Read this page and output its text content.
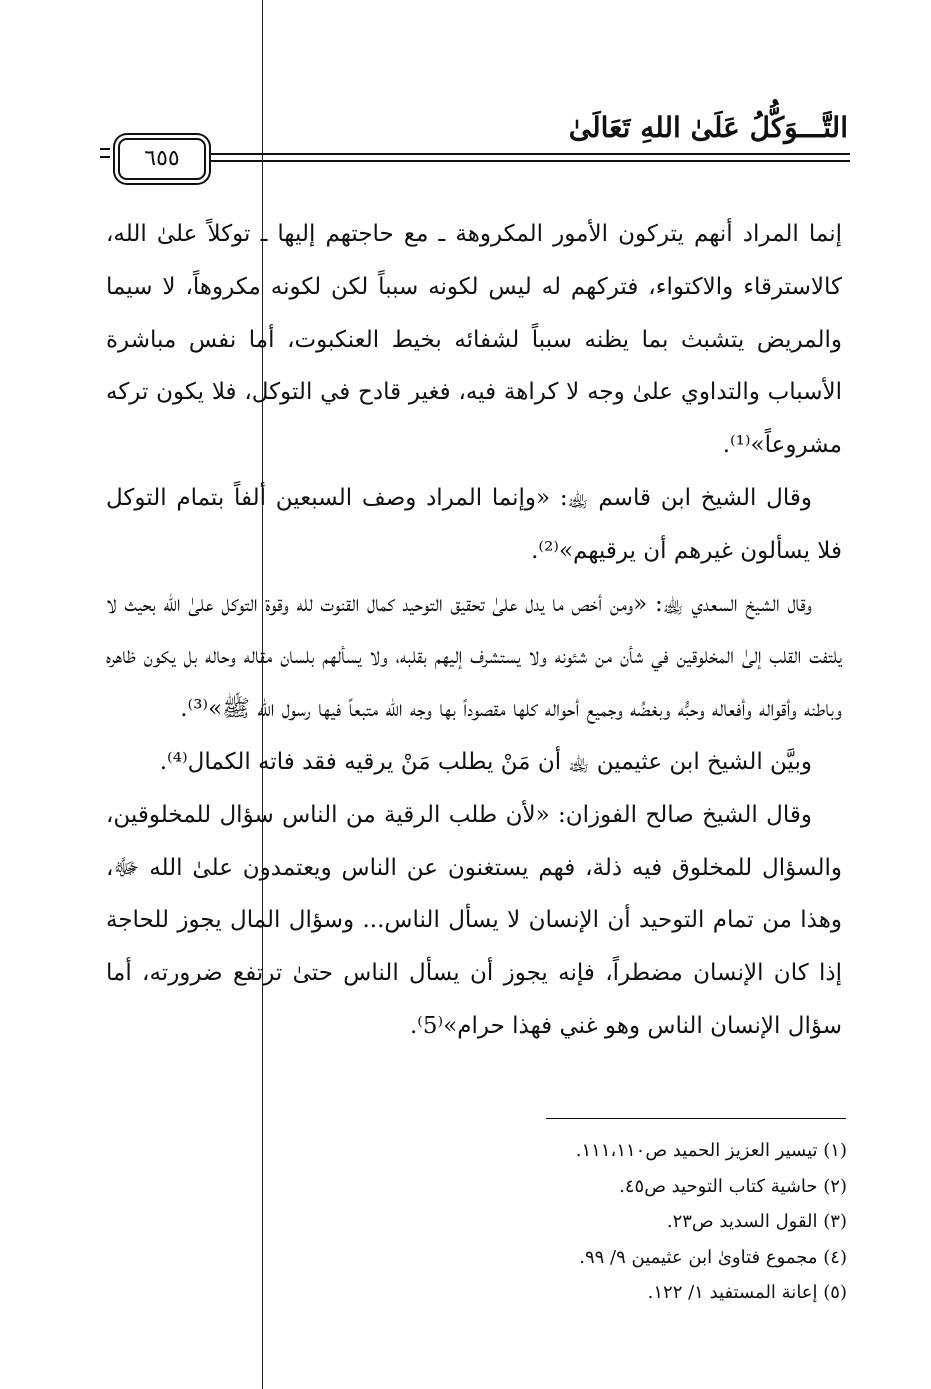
التَّـــوَكُّلُ عَلَىٰ اللهِ تَعَالَىٰ
٦٥٥

إنما المراد أنهم يتركون الأمور المكروهة ـ مع حاجتهم إليها ـ توكلاً علىٰ الله، كالاسترقاء والاكتواء، فتركهم له ليس لكونه سبباً لكن لكونه مكروهاً، لا سيما والمريض يتشبث بما يظنه سبباً لشفائه بخيط العنكبوت، أما نفس مباشرة الأسباب والتداوي علىٰ وجه لا كراهة فيه، فغير قادح في التوكل، فلا يكون تركه مشروعاً»⁽¹⁾.

وقال الشيخ ابن قاسم ﵀: «وإنما المراد وصف السبعين ألفاً بتمام التوكل فلا يسألون غيرهم أن يرقيهم»⁽²⁾.

وقال الشيخ السعدي ﵀: «ومن أخص ما يدل علىٰ تحقيق التوحيد كمال القنوت لله وقوة التوكل علىٰ الله بحيث لا يلتفت القلب إلىٰ المخلوقين في شأن من شئونه ولا يستشرف إليهم بقلبه، ولا يسألهم بلسان مقاله وحاله بل يكون ظاهره وباطنه وأقواله وأفعاله وحبُّه وبغضُه وجميع أحواله كلها مقصوداً بها وجه الله متبعاً فيها رسول الله ﷺ»⁽³⁾.

وبيَّن الشيخ ابن عثيمين ﵀ أن مَنْ يطلب مَنْ يرقيه فقد فاته الكمال⁽⁴⁾.

وقال الشيخ صالح الفوزان: «لأن طلب الرقية من الناس سؤال للمخلوقين، والسؤال للمخلوق فيه ذلة، فهم يستغنون عن الناس ويعتمدون علىٰ الله ﷻ، وهذا من تمام التوحيد أن الإنسان لا يسأل الناس... وسؤال المال يجوز للحاجة إذا كان الإنسان مضطراً، فإنه يجوز أن يسأل الناس حتىٰ ترتفع ضرورته، أما سؤال الإنسان الناس وهو غني فهذا حرام»⁽5⁾.

(١) تيسير العزيز الحميد ص١١١،١١٠.
(٢) حاشية كتاب التوحيد ص٤٥.
(٣) القول السديد ص٢٣.
(٤) مجموع فتاوىٰ ابن عثيمين ٩/ ٩٩.
(٥) إعانة المستفيد ١/ ١٢٢.
